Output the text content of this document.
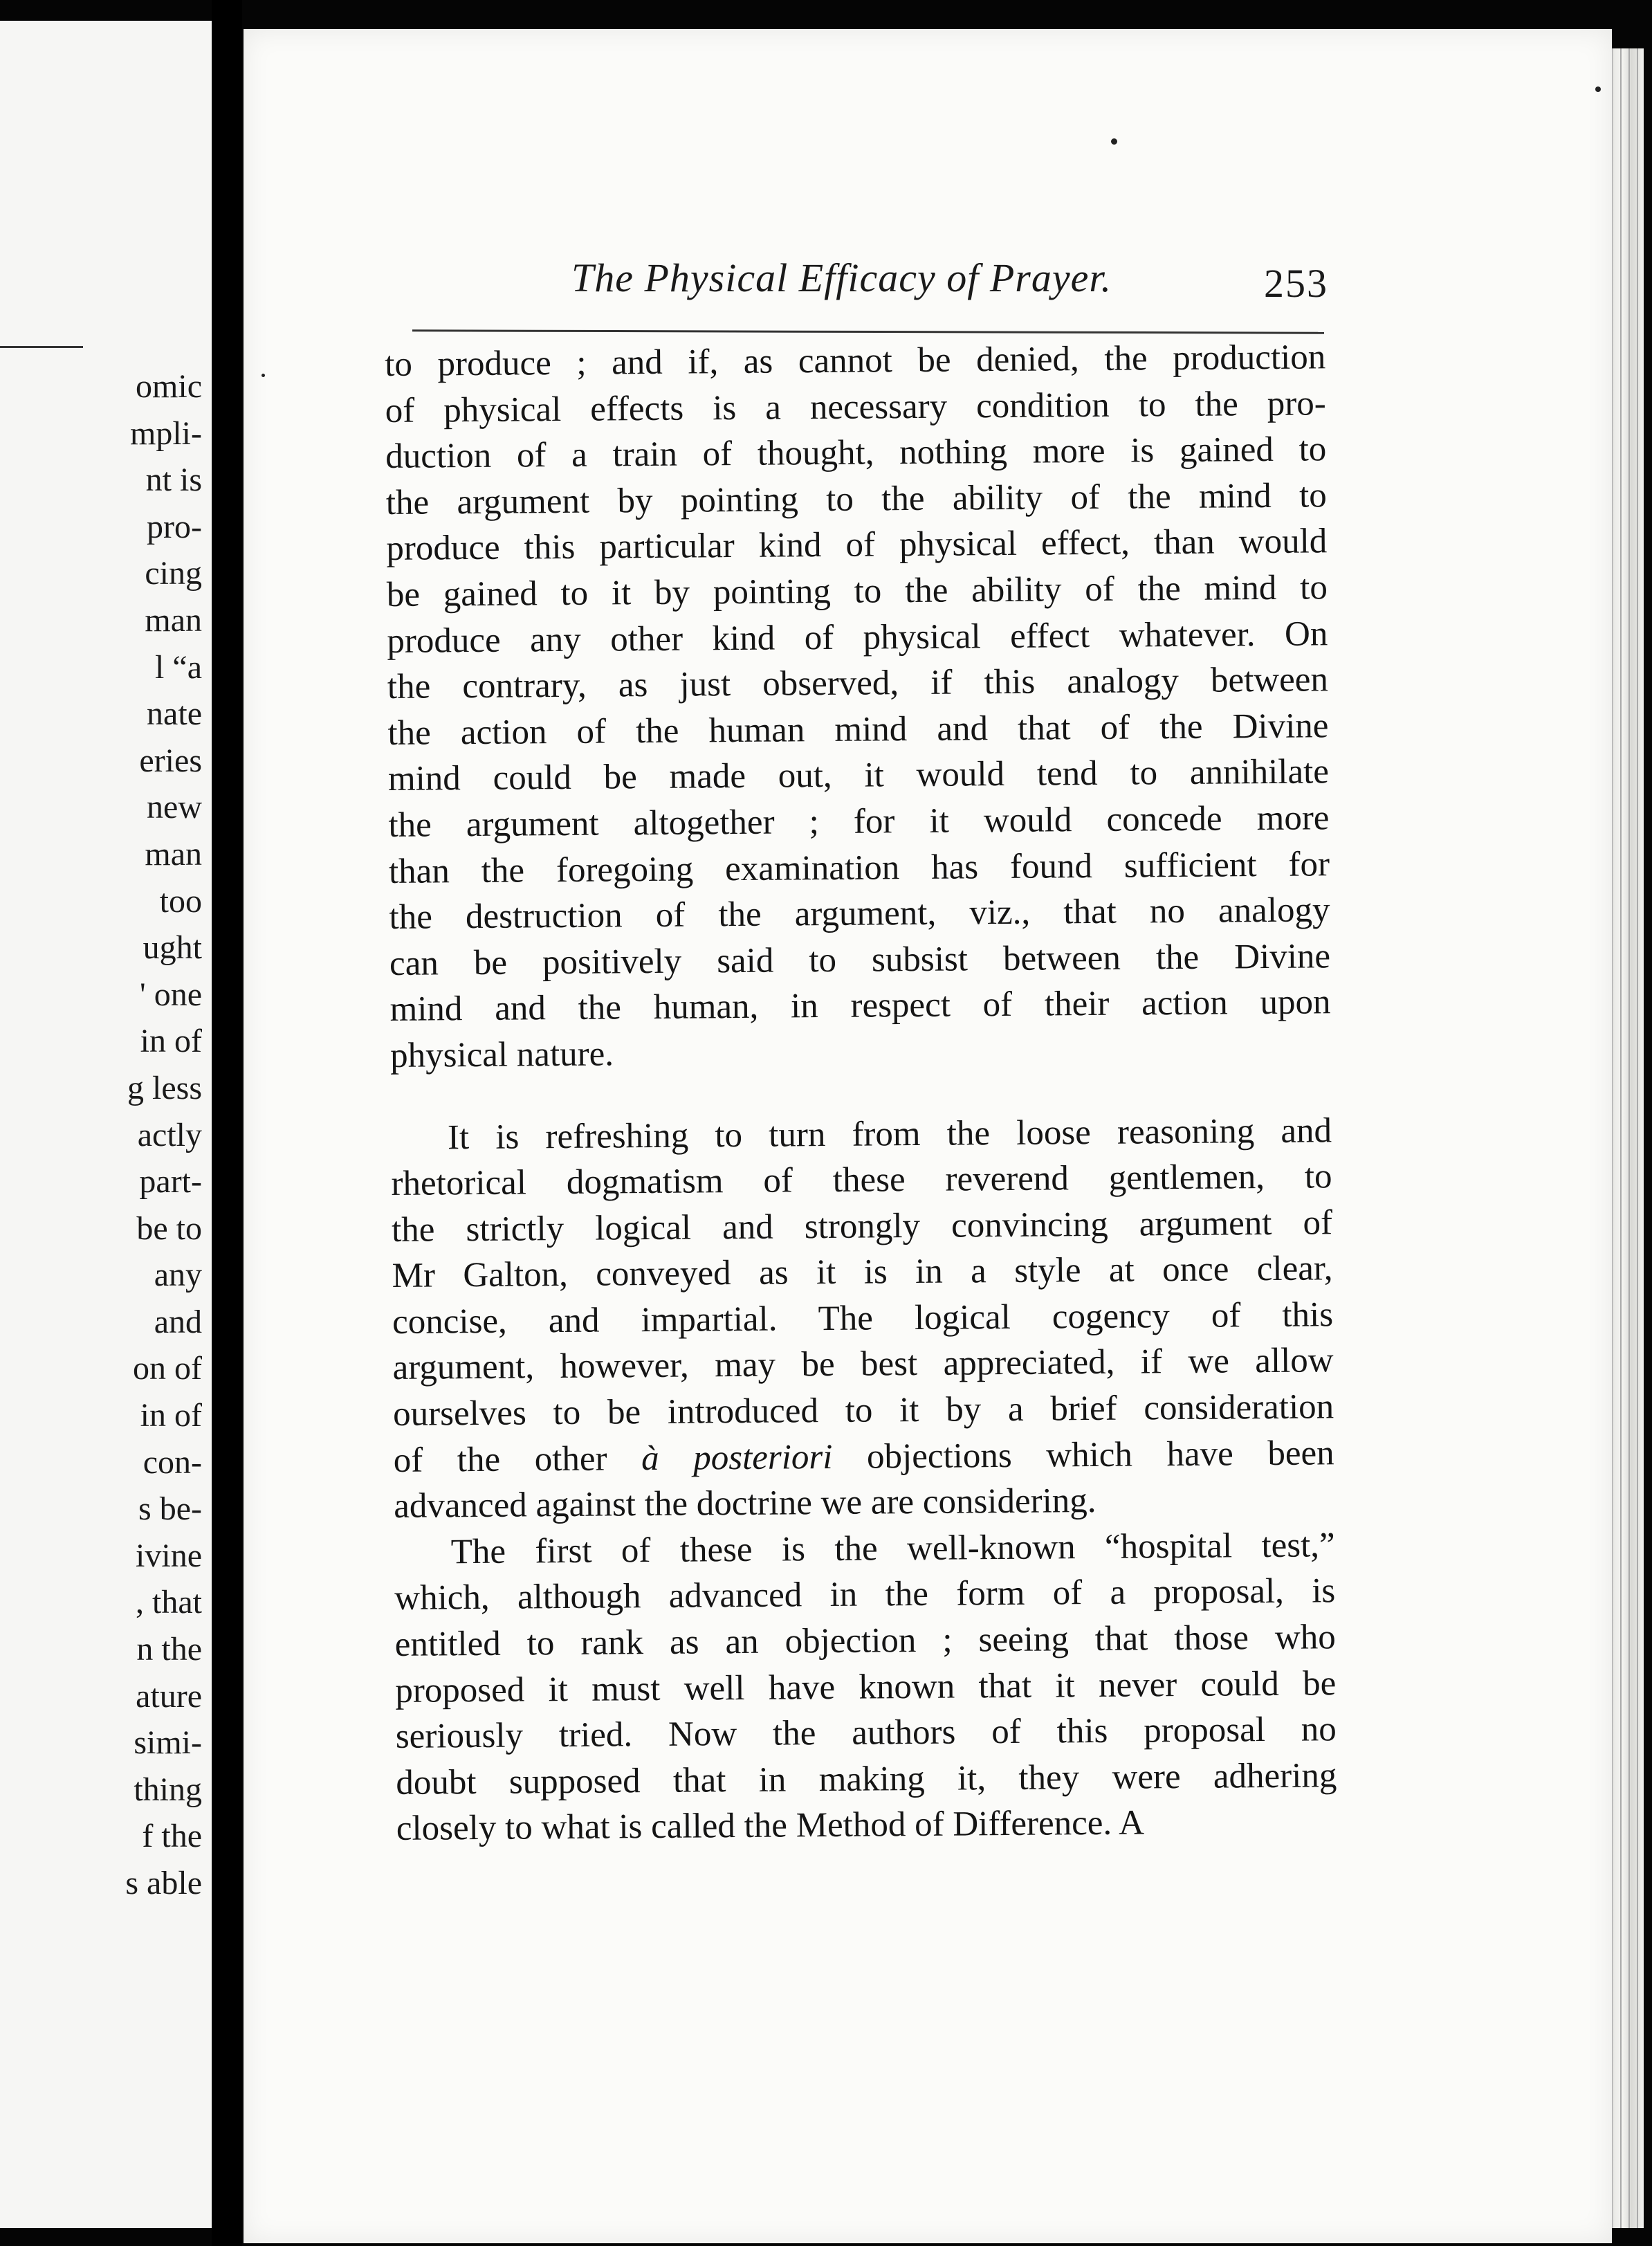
omic
mpli-
nt is
pro-
cing
man
l “a
nate
eries
new
man
too
ught
' one
in of
g less
actly
part-
be to
any
and
on of
in of
con-
s be-
ivine
, that
n the
ature
simi-
thing
f the
s able
The Physical Efficacy of Prayer.	253
to produce ; and if, as cannot be denied, the production
of physical effects is a necessary condition to the pro-
duction of a train of thought, nothing more is gained to
the argument by pointing to the ability of the mind to
produce this particular kind of physical effect, than would
be gained to it by pointing to the ability of the mind to
produce any other kind of physical effect whatever. On
the contrary, as just observed, if this analogy between
the action of the human mind and that of the Divine
mind could be made out, it would tend to annihilate
the argument altogether ; for it would concede more
than the foregoing examination has found sufficient for
the destruction of the argument, viz., that no analogy
can be positively said to subsist between the Divine
mind and the human, in respect of their action upon
physical nature.
It is refreshing to turn from the loose reasoning and
rhetorical dogmatism of these reverend gentlemen, to
the strictly logical and strongly convincing argument of
Mr Galton, conveyed as it is in a style at once clear,
concise, and impartial. The logical cogency of this
argument, however, may be best appreciated, if we allow
ourselves to be introduced to it by a brief consideration
of the other à posteriori objections which have been
advanced against the doctrine we are considering.
The first of these is the well-known “hospital test,”
which, although advanced in the form of a proposal, is
entitled to rank as an objection ; seeing that those who
proposed it must well have known that it never could be
seriously tried. Now the authors of this proposal no
doubt supposed that in making it, they were adhering
closely to what is called the Method of Difference. A
